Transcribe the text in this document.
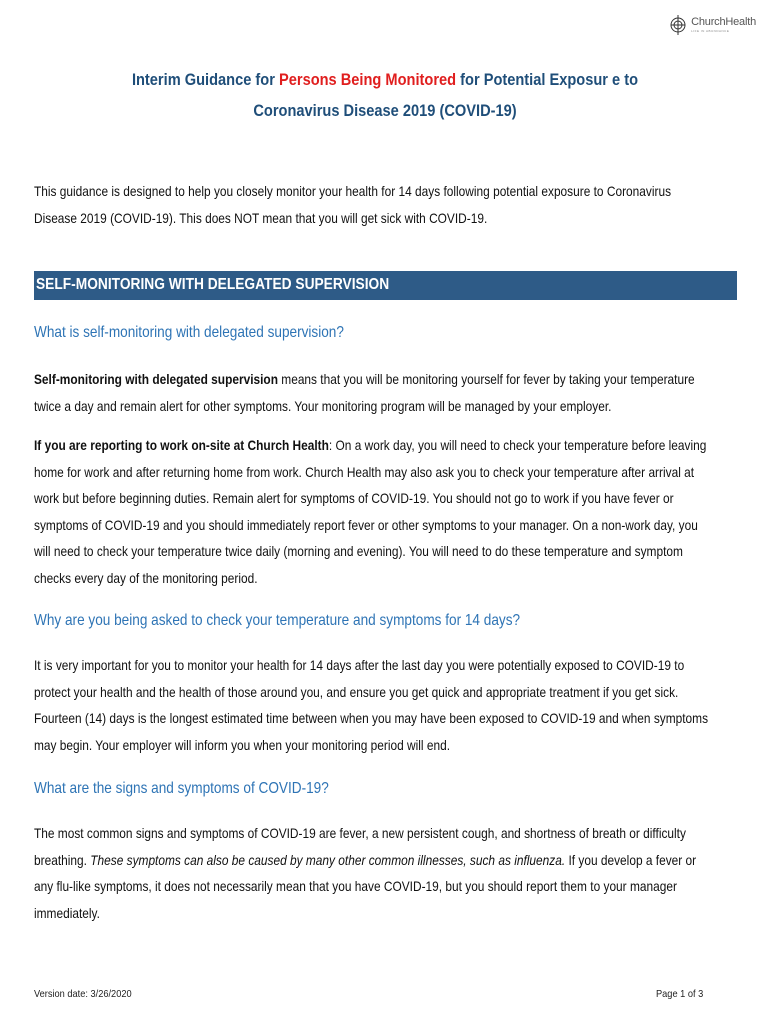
ChurchHealth
LIFE IN ABUNDANCE
Interim Guidance for Persons Being Monitored for Potential Exposur e to
Coronavirus Disease 2019 (COVID-19)
This guidance is designed to help you closely monitor your health for 14 days following potential exposure to Coronavirus Disease 2019 (COVID-19). This does NOT mean that you will get sick with COVID-19.
SELF-MONITORING WITH DELEGATED SUPERVISION
What is self-monitoring with delegated supervision?
Self-monitoring with delegated supervision means that you will be monitoring yourself for fever by taking your temperature twice a day and remain alert for other symptoms. Your monitoring program will be managed by your employer.
If you are reporting to work on-site at Church Health: On a work day, you will need to check your temperature before leaving home for work and after returning home from work. Church Health may also ask you to check your temperature after arrival at work but before beginning duties. Remain alert for symptoms of COVID-19. You should not go to work if you have fever or symptoms of COVID-19 and you should immediately report fever or other symptoms to your manager. On a non-work day, you will need to check your temperature twice daily (morning and evening). You will need to do these temperature and symptom checks every day of the monitoring period.
Why are you being asked to check your temperature and symptoms for 14 days?
It is very important for you to monitor your health for 14 days after the last day you were potentially exposed to COVID-19 to protect your health and the health of those around you, and ensure you get quick and appropriate treatment if you get sick. Fourteen (14) days is the longest estimated time between when you may have been exposed to COVID-19 and when symptoms may begin. Your employer will inform you when your monitoring period will end.
What are the signs and symptoms of COVID-19?
The most common signs and symptoms of COVID-19 are fever, a new persistent cough, and shortness of breath or difficulty breathing. These symptoms can also be caused by many other common illnesses, such as influenza. If you develop a fever or any flu-like symptoms, it does not necessarily mean that you have COVID-19, but you should report them to your manager immediately.
Version date: 3/26/2020	Page 1 of 3
